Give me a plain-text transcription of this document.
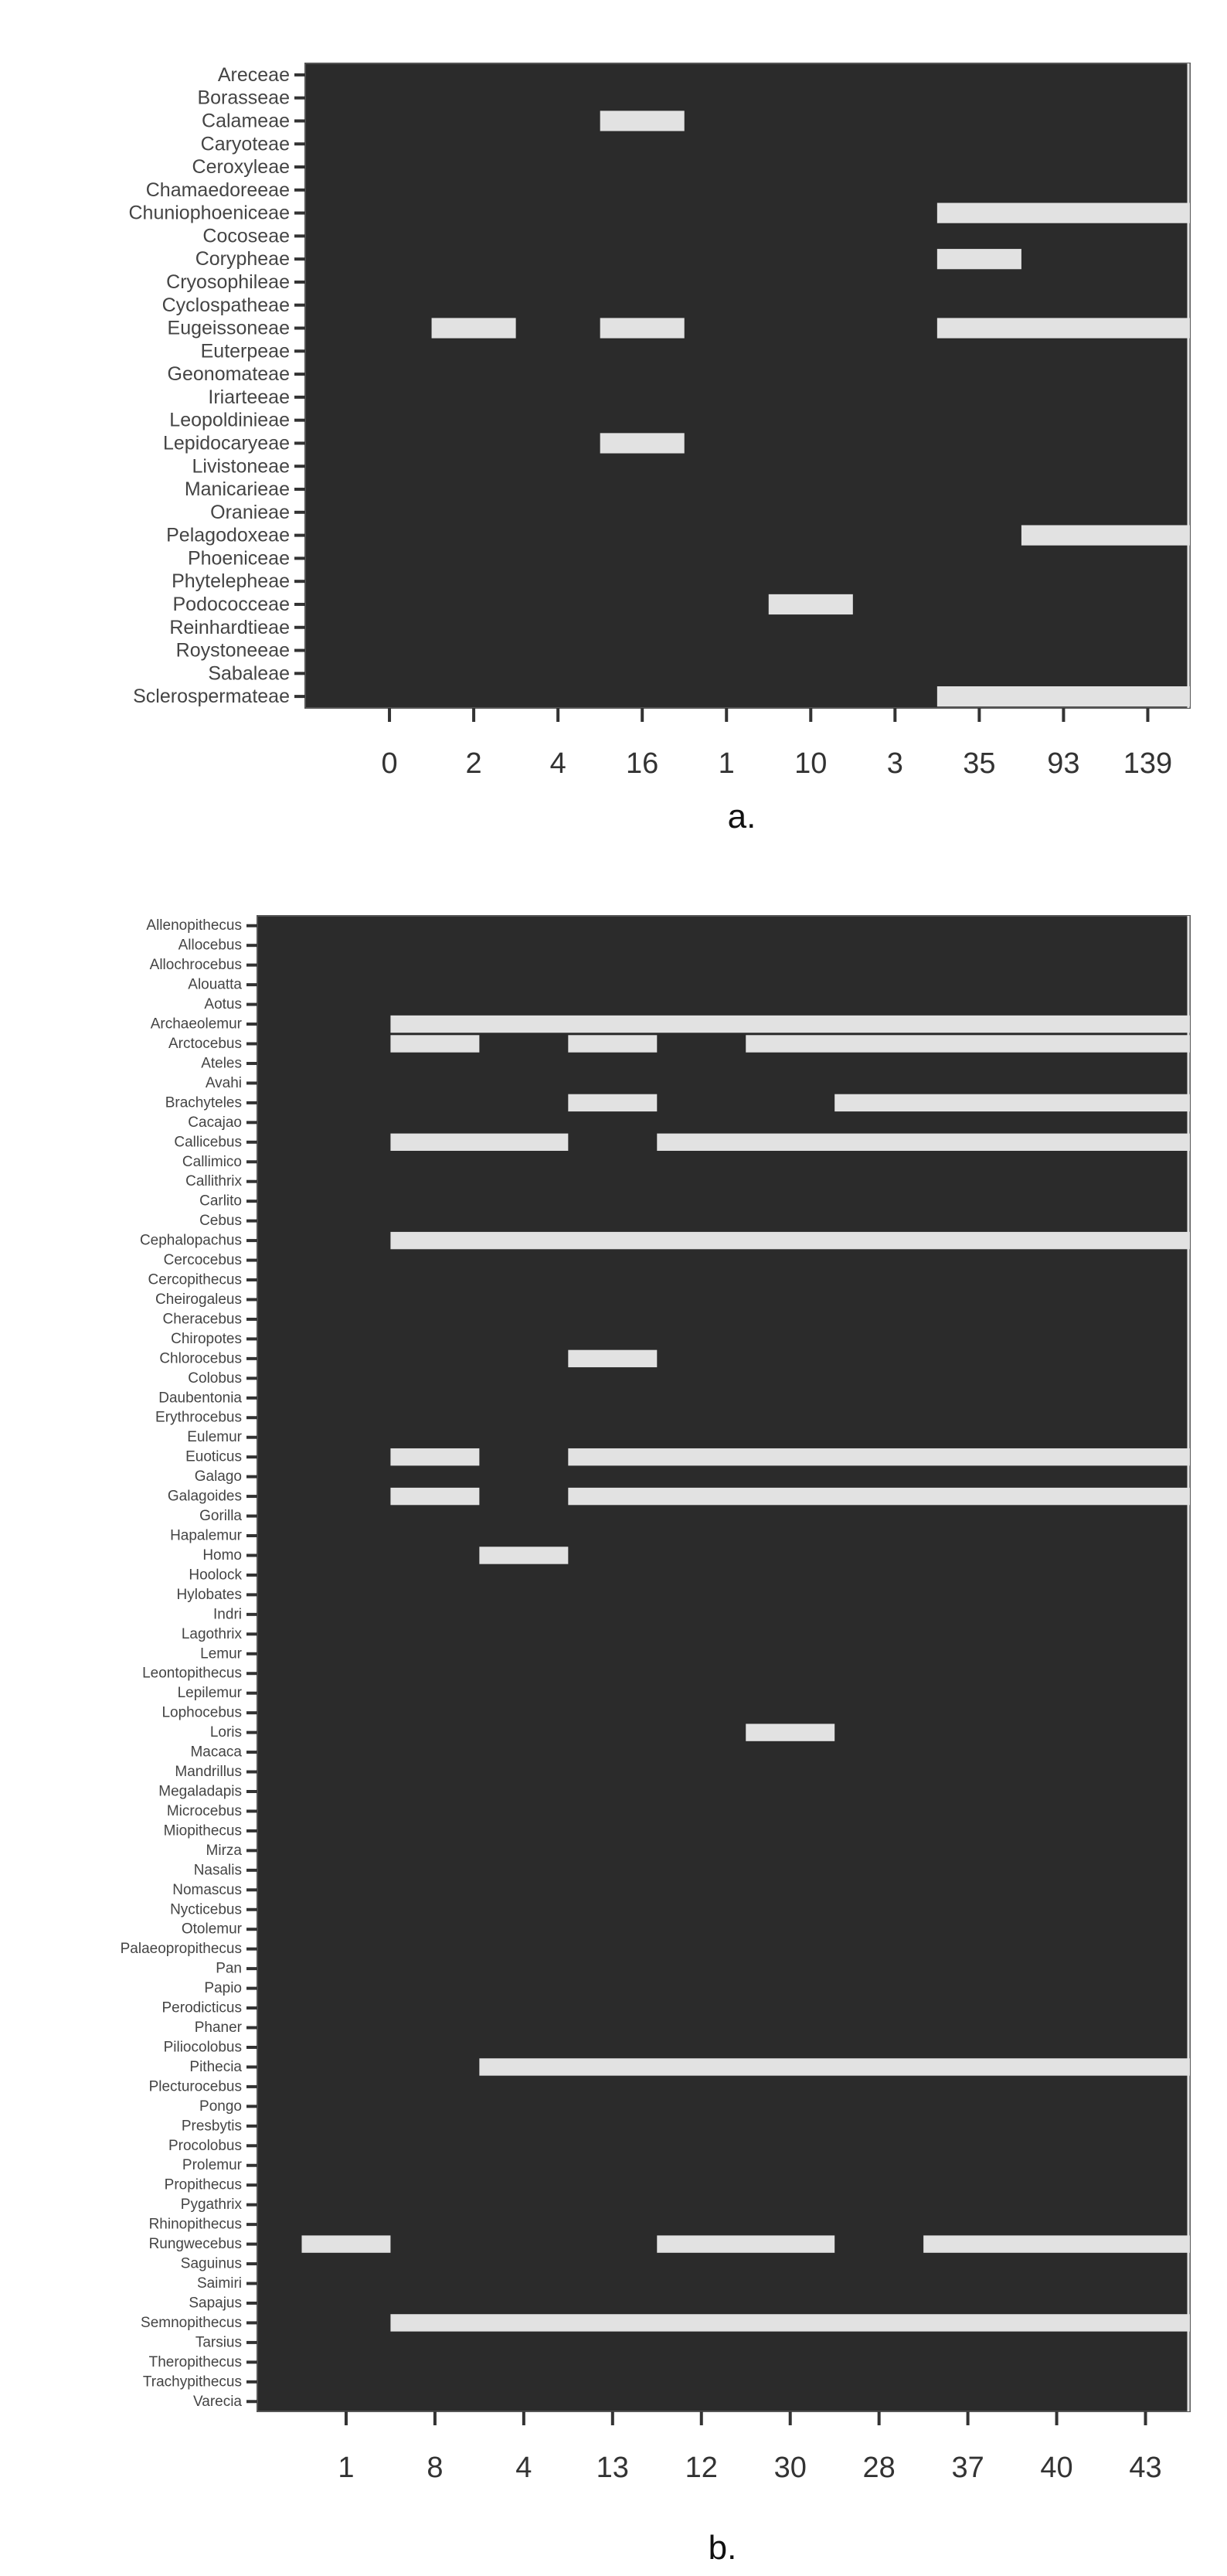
Areceae
Borasseae
Calameae
Caryoteae
Ceroxyleae
Chamaedoreeae
Chuniophoeniceae
Cocoseae
Corypheae
Cryosophileae
Cyclospatheae
Eugeissoneae
Euterpeae
Geonomateae
Iriarteeae
Leopoldinieae
Lepidocaryeae
Livistoneae
Manicarieae
Oranieae
Pelagodoxeae
Phoeniceae
Phytelepheae
Podococceae
Reinhardtieae
Roystoneeae
Sabaleae
Sclerospermateae
0 2 4 16 1 10 3 35 93 139
Allenopithecus
Allocebus
Allochrocebus
Alouatta
Aotus
Archaeolemur
Arctocebus
Ateles
Avahi
Brachyteles
Cacajao
Callicebus
Callimico
Callithrix
Carlito
Cebus
Cephalopachus
Cercocebus
Cercopithecus
Cheirogaleus
Cheracebus
Chiropotes
Chlorocebus
Colobus
Daubentonia
Erythrocebus
Eulemur
Euoticus
Galago
Galagoides
Gorilla
Hapalemur
Homo
Hoolock
Hylobates
Indri
Lagothrix
Lemur
Leontopithecus
Lepilemur
Lophocebus
Loris
Macaca
Mandrillus
Megaladapis
Microcebus
Miopithecus
Mirza
Nasalis
Nomascus
Nycticebus
Otolemur
Palaeopropithecus
Pan
Papio
Perodicticus
Phaner
Piliocolobus
Pithecia
Plecturocebus
Pongo
Presbytis
Procolobus
Prolemur
Propithecus
Pygathrix
Rhinopithecus
Rungwecebus
Saguinus
Saimiri
Sapajus
Semnopithecus
Tarsius
Theropithecus
Trachypithecus
Varecia
1 8 4 13 12 30 28 37 40 43
a.
b.
